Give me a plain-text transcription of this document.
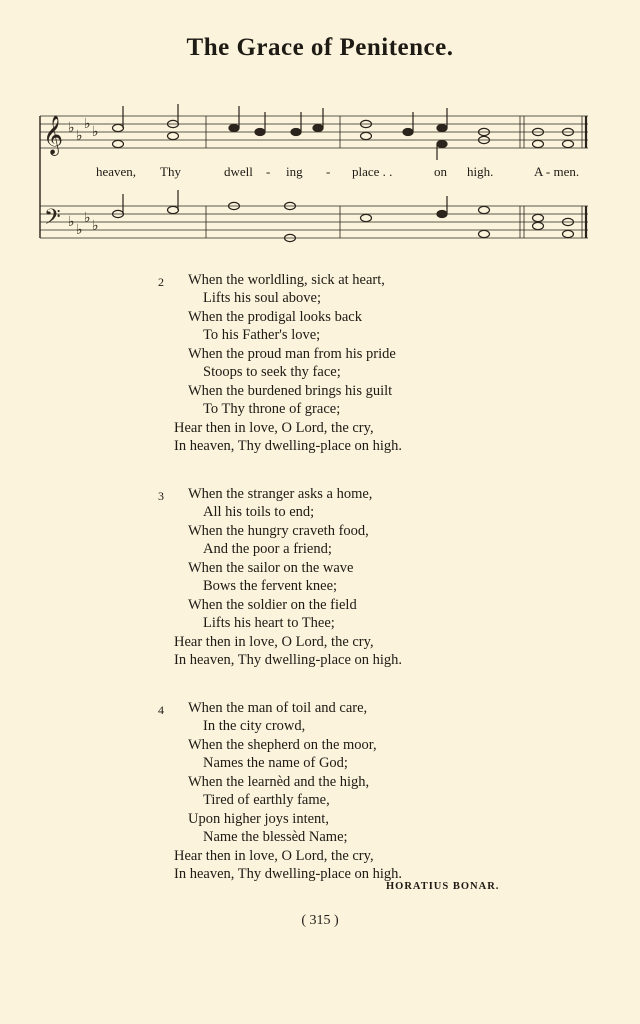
The Grace of Penitence.
𝄞
𝄢
♭ ♭
♭ ♭
♭ ♭
♭ ♭
heaven, Thy	dwell - ing - place . .	on high.	A - men.
2 When the worldling, sick at heart,
Lifts his soul above;
When the prodigal looks back
To his Father's love;
When the proud man from his pride
Stoops to seek thy face;
When the burdened brings his guilt
To Thy throne of grace;
Hear then in love, O Lord, the cry,
In heaven, Thy dwelling-place on high.
3 When the stranger asks a home,
All his toils to end;
When the hungry craveth food,
And the poor a friend;
When the sailor on the wave
Bows the fervent knee;
When the soldier on the field
Lifts his heart to Thee;
Hear then in love, O Lord, the cry,
In heaven, Thy dwelling-place on high.
4 When the man of toil and care,
In the city crowd,
When the shepherd on the moor,
Names the name of God;
When the learnèd and the high,
Tired of earthly fame,
Upon higher joys intent,
Name the blessèd Name;
Hear then in love, O Lord, the cry,
In heaven, Thy dwelling-place on high.
HORATIUS BONAR.
( 315 )
